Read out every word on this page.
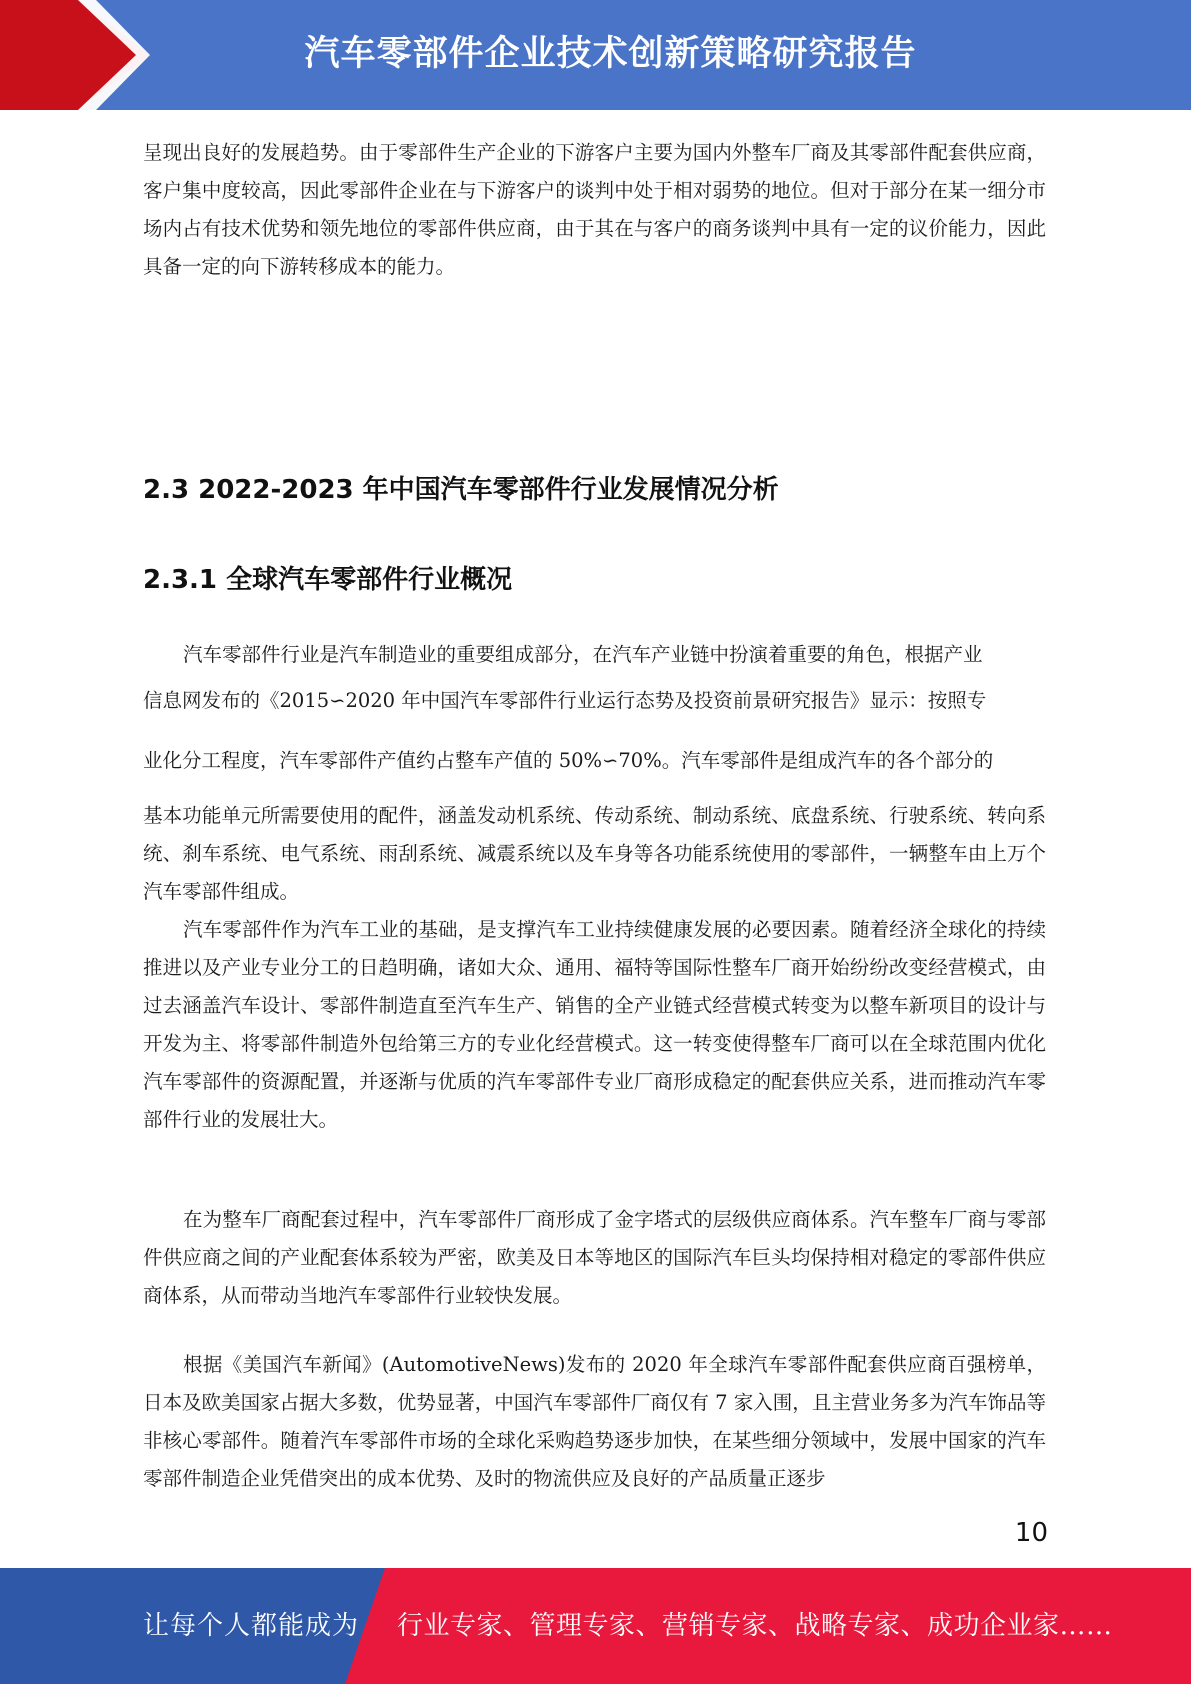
汽车零部件企业技术创新策略研究报告

呈现出良好的发展趋势。由于零部件生产企业的下游客户主要为国内外整车厂商及其零部件配套供应商，客户集中度较高，因此零部件企业在与下游客户的谈判中处于相对弱势的地位。但对于部分在某一细分市场内占有技术优势和领先地位的零部件供应商，由于其在与客户的商务谈判中具有一定的议价能力，因此具备一定的向下游转移成本的能力。

2.3 2022-2023 年中国汽车零部件行业发展情况分析
2.3.1 全球汽车零部件行业概况

汽车零部件行业是汽车制造业的重要组成部分，在汽车产业链中扮演着重要的角色，根据产业

信息网发布的《2015∽2020 年中国汽车零部件行业运行态势及投资前景研究报告》显示：按照专

业化分工程度，汽车零部件产值约占整车产值的 50%∽70%。汽车零部件是组成汽车的各个部分的

基本功能单元所需要使用的配件，涵盖发动机系统、传动系统、制动系统、底盘系统、行驶系统、转向系统、刹车系统、电气系统、雨刮系统、减震系统以及车身等各功能系统使用的零部件，一辆整车由上万个汽车零部件组成。

汽车零部件作为汽车工业的基础，是支撑汽车工业持续健康发展的必要因素。随着经济全球化的持续推进以及产业专业分工的日趋明确，诸如大众、通用、福特等国际性整车厂商开始纷纷改变经营模式，由过去涵盖汽车设计、零部件制造直至汽车生产、销售的全产业链式经营模式转变为以整车新项目的设计与开发为主、将零部件制造外包给第三方的专业化经营模式。这一转变使得整车厂商可以在全球范围内优化汽车零部件的资源配置，并逐渐与优质的汽车零部件专业厂商形成稳定的配套供应关系，进而推动汽车零部件行业的发展壮大。

在为整车厂商配套过程中，汽车零部件厂商形成了金字塔式的层级供应商体系。汽车整车厂商与零部件供应商之间的产业配套体系较为严密，欧美及日本等地区的国际汽车巨头均保持相对稳定的零部件供应商体系，从而带动当地汽车零部件行业较快发展。

根据《美国汽车新闻》(AutomotiveNews)发布的 2020 年全球汽车零部件配套供应商百强榜单，日本及欧美国家占据大多数，优势显著，中国汽车零部件厂商仅有 7 家入围，且主营业务多为汽车饰品等非核心零部件。随着汽车零部件市场的全球化采购趋势逐步加快，在某些细分领域中，发展中国家的汽车零部件制造企业凭借突出的成本优势、及时的物流供应及良好的产品质量正逐步

10
让每个人都能成为 行业专家、管理专家、营销专家、战略专家、成功企业家……
